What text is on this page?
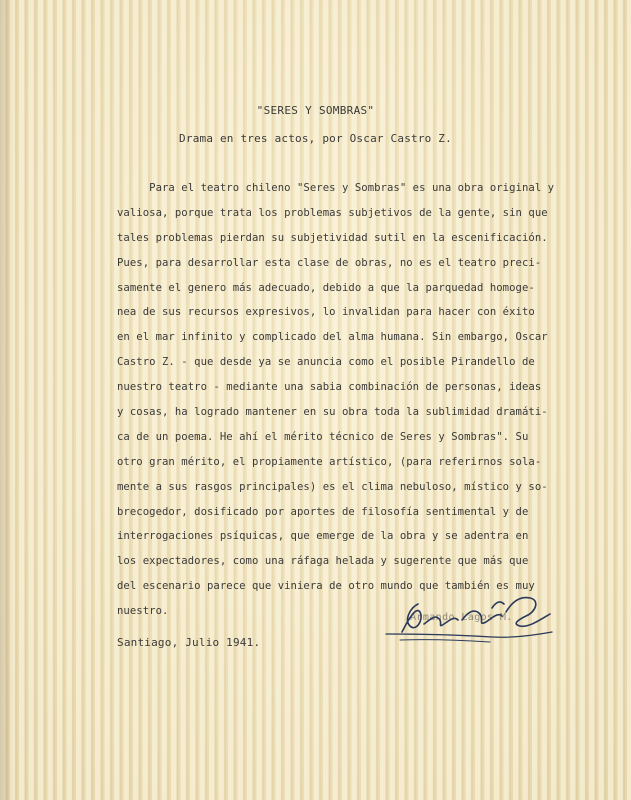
"SERES Y SOMBRAS"
Drama en tres actos, por Oscar Castro Z.
Para el teatro chileno "Seres y Sombras" es una obra original y
valiosa, porque trata los problemas subjetivos de la gente, sin que
tales problemas pierdan su subjetividad sutil en la escenificación.
Pues, para desarrollar esta clase de obras, no es el teatro preci-
samente el genero más adecuado, debido a que la parquedad homoge-
nea de sus recursos expresivos, lo invalidan para hacer con éxito
en el mar infinito y complicado del alma humana. Sin embargo, Oscar
Castro Z. - que desde ya se anuncia como el posible Pirandello de
nuestro teatro - mediante una sabia combinación de personas, ideas
y cosas, ha logrado mantener en su obra toda la sublimidad dramáti-
ca de un poema. He ahí el mérito técnico de Seres y Sombras". Su
otro gran mérito, el propiamente artístico, (para referirnos sola-
mente a sus rasgos principales) es el clima nebuloso, místico y so-
brecogedor, dosificado por aportes de filosofía sentimental y de
interrogaciones psíquicas, que emerge de la obra y se adentra en
los expectadores, como una ráfaga helada y sugerente que más que
del escenario parece que viniera de otro mundo que también es muy
nuestro.
Santiago, Julio 1941.
Armando Lagos M.
